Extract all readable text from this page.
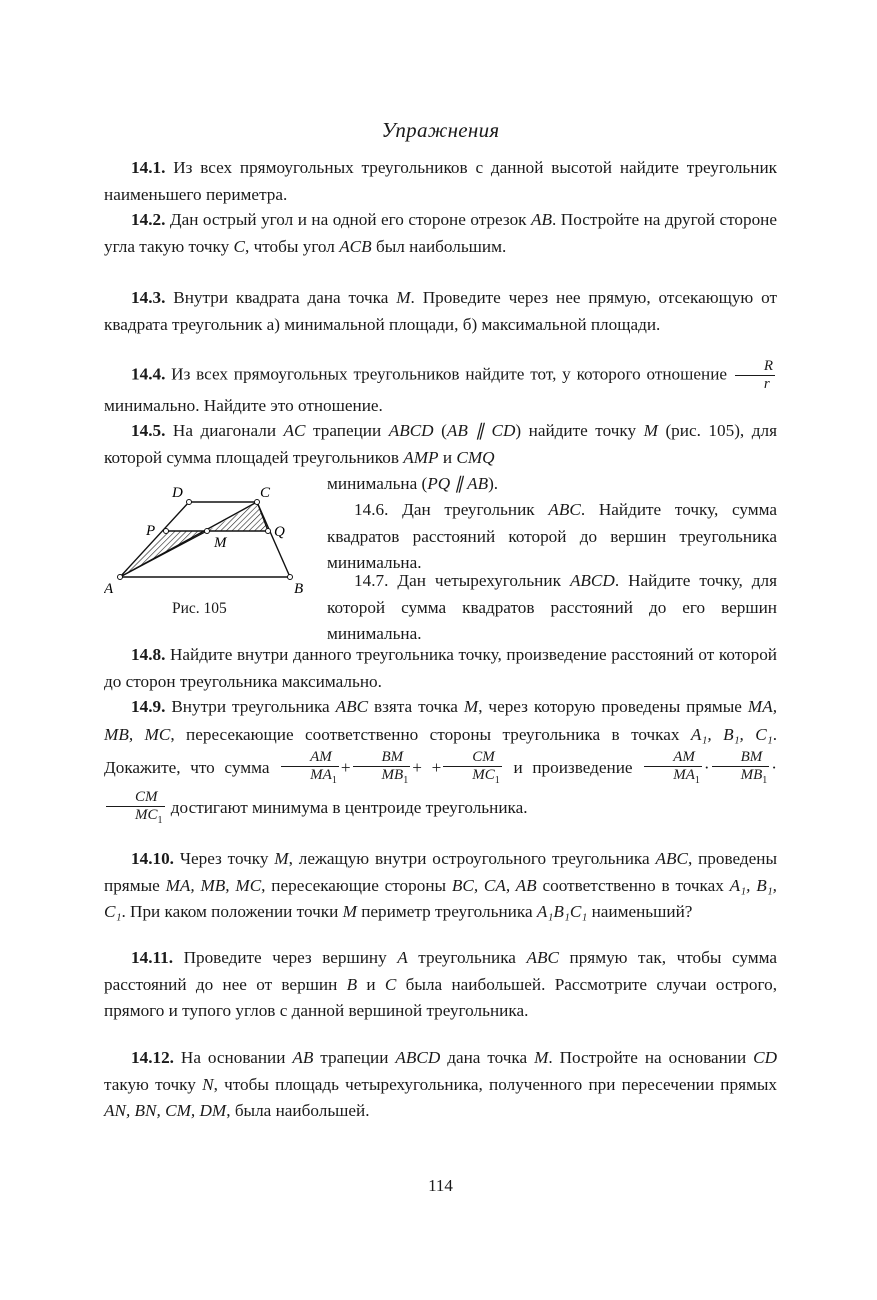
Упражнения
14.1. Из всех прямоугольных треугольников с данной высотой найдите треугольник наименьшего периметра.
14.2. Дан острый угол и на одной его стороне отрезок AB. Постройте на другой стороне угла такую точку C, чтобы угол ACB был наибольшим.
14.3. Внутри квадрата дана точка M. Проведите через нее прямую, отсекающую от квадрата треугольник а) минимальной площади, б) максимальной площади.
14.4. Из всех прямоугольных треугольников найдите тот, у которого отношение $\frac{R}{r}$
минимально. Найдите это отношение.
14.5. На диагонали AC трапеции ABCD (AB ∥ CD) найдите точку M (рис. 105), для которой сумма площадей треугольников AMP и CMQ
минимальна (PQ ∥ AB).
A	B
C
D
P	Q
M
Рис. 105
14.6. Дан треугольник ABC. Найдите точку, сумма квадратов расстояний которой до вершин треугольника минимальна.
14.7. Дан четырехугольник ABCD. Найдите точку, для которой сумма квадратов расстояний до его вершин минимальна.
14.8. Найдите внутри данного треугольника точку, произведение расстояний от которой до сторон треугольника максимально.
14.9. Внутри треугольника ABC взята точка M, через которую проведены прямые MA, MB, MC, пересекающие соответственно стороны треугольника в точках A₁, B₁, C₁. Докажите, что сумма $\frac{AM}{MA_1} + \frac{BM}{MB_1}$ + + $\frac{CM}{MC_1}$ и произведение $\frac{AM}{MA_1} \cdot \frac{BM}{MB_1}$ ·
$\frac{CM}{MC_1}$ достигают минимума в центроиде треугольника.
14.10. Через точку M, лежащую внутри остроугольного треугольника ABC, проведены прямые MA, MB, MC, пересекающие стороны BC, CA, AB соответственно в точках A₁, B₁, C₁. При каком положении точки M периметр треугольника A₁B₁C₁ наименьший?
14.11. Проведите через вершину A треугольника ABC прямую так, чтобы сумма расстояний до нее от вершин B и C была наибольшей. Рассмотрите случаи острого, прямого и тупого углов с данной вершиной треугольника.
14.12. На основании AB трапеции ABCD дана точка M. Постройте на основании CD такую точку N, чтобы площадь четырехугольника, полученного при пересечении прямых AN, BN, CM, DM, была наибольшей.
114
